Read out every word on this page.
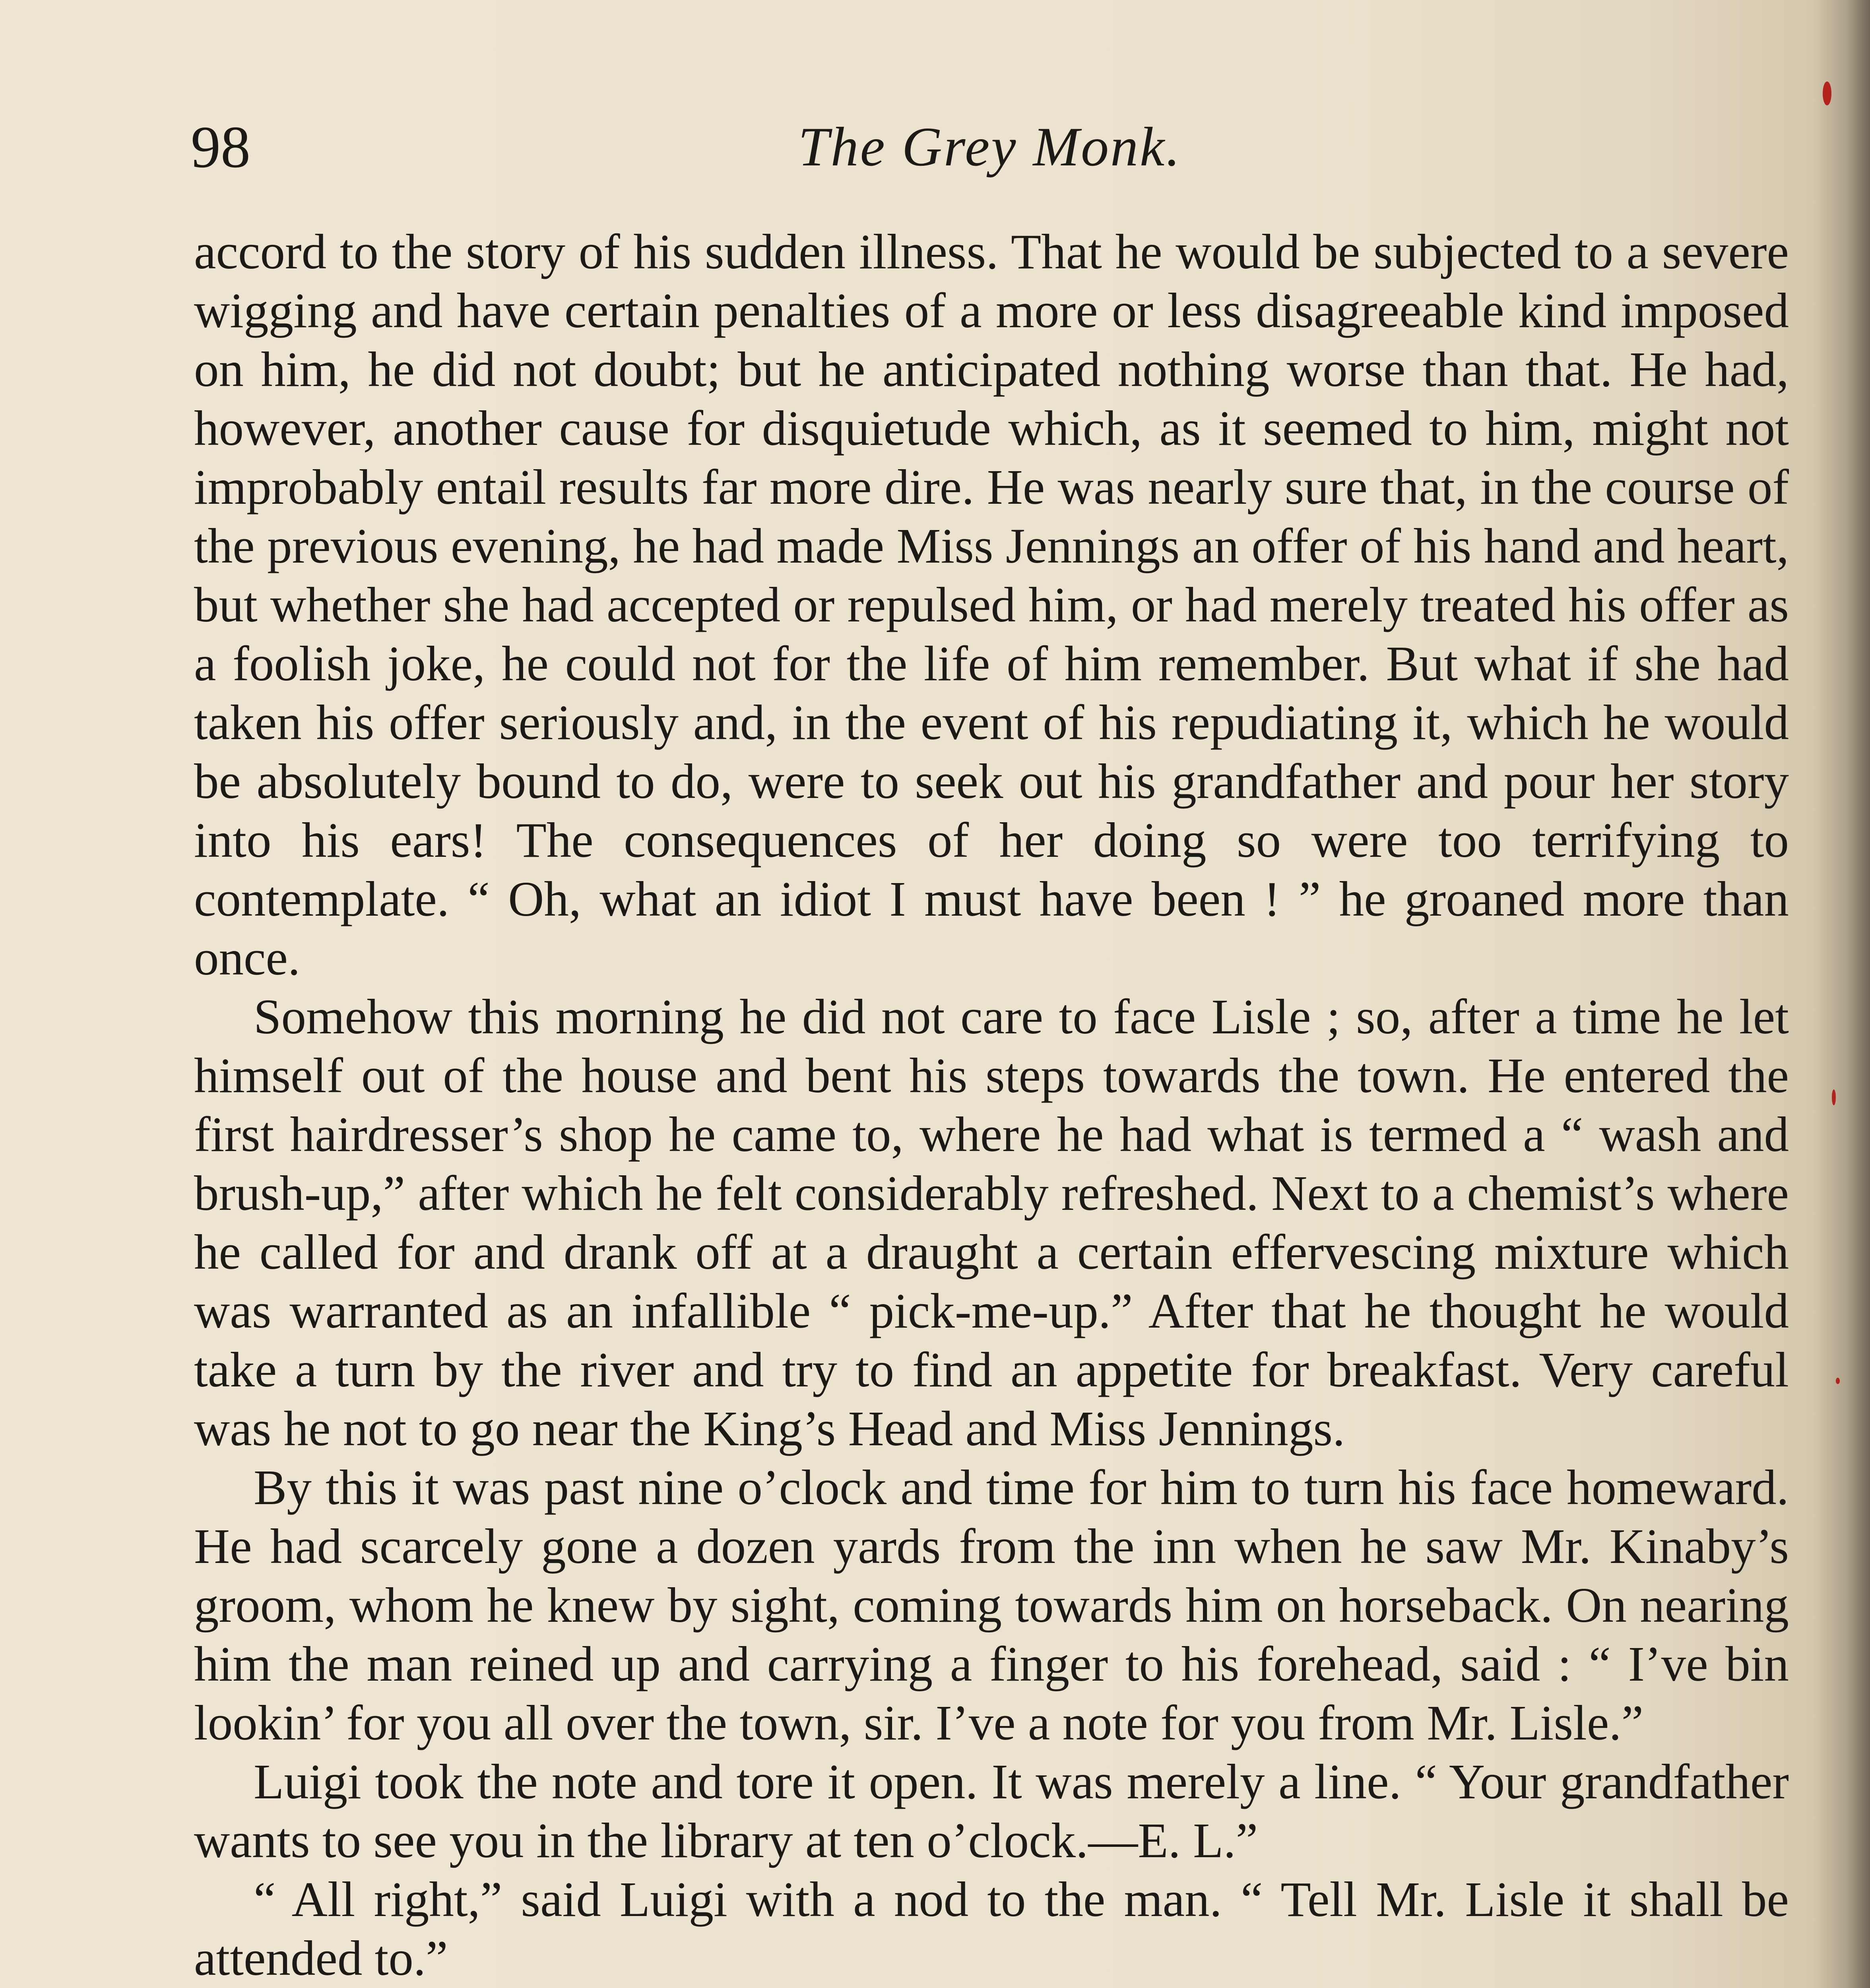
The Grey Monk.
98

accord to the story of his sudden illness. That he would be subjected to a severe wigging and have certain penalties of a more or less disagreeable kind imposed on him, he did not doubt; but he anticipated nothing worse than that. He had, however, another cause for disquietude which, as it seemed to him, might not improbably entail results far more dire. He was nearly sure that, in the course of the previous evening, he had made Miss Jennings an offer of his hand and heart, but whether she had accepted or repulsed him, or had merely treated his offer as a foolish joke, he could not for the life of him remember. But what if she had taken his offer seriously and, in the event of his repudiating it, which he would be absolutely bound to do, were to seek out his grandfather and pour her story into his ears! The consequences of her doing so were too terrifying to contemplate. “ Oh, what an idiot I must have been ! ” he groaned more than once.

Somehow this morning he did not care to face Lisle ; so, after a time he let himself out of the house and bent his steps towards the town. He entered the first hairdresser’s shop he came to, where he had what is termed a “ wash and brush-up,” after which he felt considerably refreshed. Next to a chemist’s where he called for and drank off at a draught a certain effervescing mixture which was warranted as an infallible “ pick-me-up.” After that he thought he would take a turn by the river and try to find an appetite for breakfast. Very careful was he not to go near the King’s Head and Miss Jennings.

By this it was past nine o’clock and time for him to turn his face homeward. He had scarcely gone a dozen yards from the inn when he saw Mr. Kinaby’s groom, whom he knew by sight, coming towards him on horseback. On nearing him the man reined up and carrying a finger to his forehead, said : “ I’ve bin lookin’ for you all over the town, sir. I’ve a note for you from Mr. Lisle.”

Luigi took the note and tore it open. It was merely a line. “ Your grandfather wants to see you in the library at ten o’clock.—E. L.”

“ All right,” said Luigi with a nod to the man. “ Tell Mr. Lisle it shall be attended to.”
